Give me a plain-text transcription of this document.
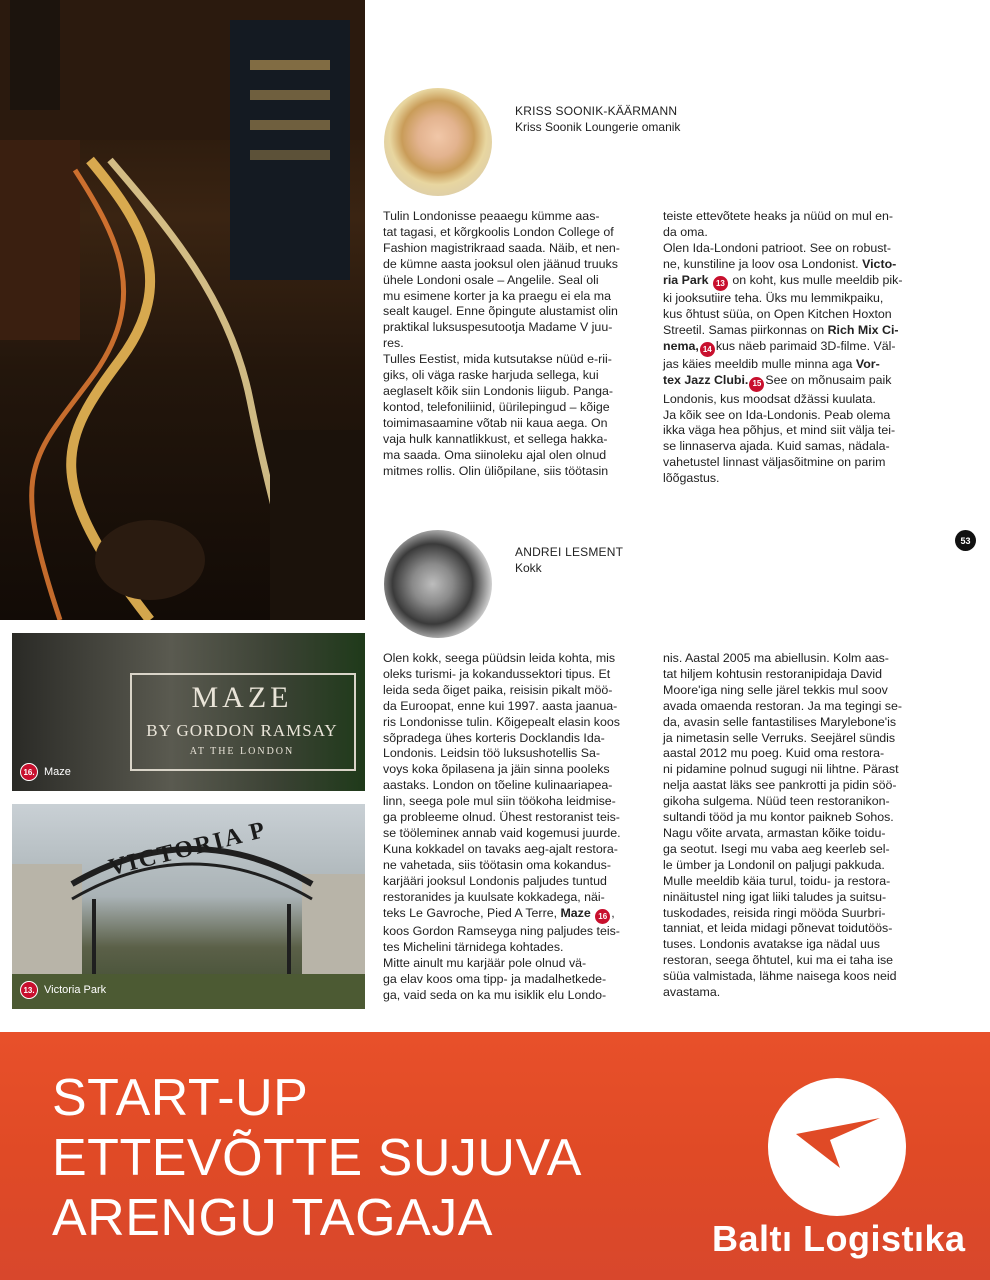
MAZE
BY GORDON RAMSAY
AT THE LONDON
16. Maze
VICTORIA P
13. Victoria Park
KRISS SOONIK-KÄÄRMANN
Kriss Soonik Loungerie omanik

Tulin Londonisse peaaegu kümme aas-
tat tagasi, et kõrgkoolis London College of
Fashion magistrikraad saada. Näib, et nen-
de kümne aasta jooksul olen jäänud truuks
ühele Londoni osale – Angelile. Seal oli
mu esimene korter ja ka praegu ei ela ma
sealt kaugel. Enne õpingute alustamist olin
praktikal luksuspesutootja Madame V juu-
res.
Tulles Eestist, mida kutsutakse nüüd e-rii-
giks, oli väga raske harjuda sellega, kui
aeglaselt kõik siin Londonis liigub. Panga-
kontod, telefoniliinid, üürilepingud – kõige
toimimasaamine võtab nii kaua aega. On
vaja hulk kannatlikkust, et sellega hakka-
ma saada. Oma siinoleku ajal olen olnud
mitmes rollis. Olin üliõpilane, siis töötasin

teiste ettevõtete heaks ja nüüd on mul en-
da oma.
Olen Ida-Londoni patrioot. See on robust-
ne, kunstiline ja loov osa Londonist. Victo-
ria Park 13 on koht, kus mulle meeldib pik-
ki jooksutiire teha. Üks mu lemmikpaiku,
kus õhtust süüa, on Open Kitchen Hoxton
Streetil. Samas piirkonnas on Rich Mix Ci-
nema, 14 kus näeb parimaid 3D-filme. Väl-
jas käies meeldib mulle minna aga Vor-
tex Jazz Clubi. 15 See on mõnusaim paik
Londonis, kus moodsat džässi kuulata.
Ja kõik see on Ida-Londonis. Peab olema
ikka väga hea põhjus, et mind siit välja tei-
se linnaserva ajada. Kuid samas, nädala-
vahetustel linnast väljasõitmine on parim
lõõgastus.

53
ANDREI LESMENT
Kokk

Olen kokk, seega püüdsin leida kohta, mis
oleks turismi- ja kokandussektori tipus. Et
leida seda õiget paika, reisisin pikalt möö-
da Euroopat, enne kui 1997. aasta jaanua-
ris Londonisse tulin. Kõigepealt elasin koos
sõpradega ühes korteris Docklandis Ida-
Londonis. Leidsin töö luksushotellis Sa-
voys koka õpilasena ja jäin sinna pooleks
aastaks. London on tõeline kulinaariapea-
linn, seega pole mul siin töökoha leidmise-
ga probleeme olnud. Ühest restoranist teis-
se töölemineк annab vaid kogemusi juurde.
Kuna kokkadel on tavaks aeg-ajalt restora-
ne vahetada, siis töötasin oma kokandus-
karjääri jooksul Londonis paljudes tuntud
restoranides ja kuulsate kokkadega, näi-
teks Le Gavroche, Pied A Terre, Maze 16 ,
koos Gordon Ramseyga ning paljudes teis-
tes Michelini tärnidega kohtades.
Mitte ainult mu karjäär pole olnud vä-
ga elav koos oma tipp- ja madalhetkede-
ga, vaid seda on ka mu isiklik elu Londo-

nis. Aastal 2005 ma abiellusin. Kolm aas-
tat hiljem kohtusin restoranipidaja David
Moore'iga ning selle järel tekkis mul soov
avada omaenda restoran. Ja ma tegingi se-
da, avasin selle fantastilises Marylebone'is
ja nimetasin selle Verruks. Seejärel sündis
aastal 2012 mu poeg. Kuid oma restora-
ni pidamine polnud sugugi nii lihtne. Pärast
nelja aastat läks see pankrotti ja pidin söö-
gikoha sulgema. Nüüd teen restoranikon-
sultandi tööd ja mu kontor paikneb Sohos.
Nagu võite arvata, armastan kõike toidu-
ga seotut. Isegi mu vaba aeg keerleb sel-
le ümber ja Londonil on paljugi pakkuda.
Mulle meeldib käia turul, toidu- ja restora-
ninäitustel ning igat liiki taludes ja suitsu-
tuskodades, reisida ringi mööda Suurbri-
tanniat, et leida midagi põnevat toidutöös-
tuses. Londonis avatakse iga nädal uus
restoran, seega õhtutel, kui ma ei taha ise
süüa valmistada, lähme naisega koos neid
avastama.

START-UP
ETTEVÕTTE SUJUVA
ARENGU TAGAJA	Baltı Logistıka
